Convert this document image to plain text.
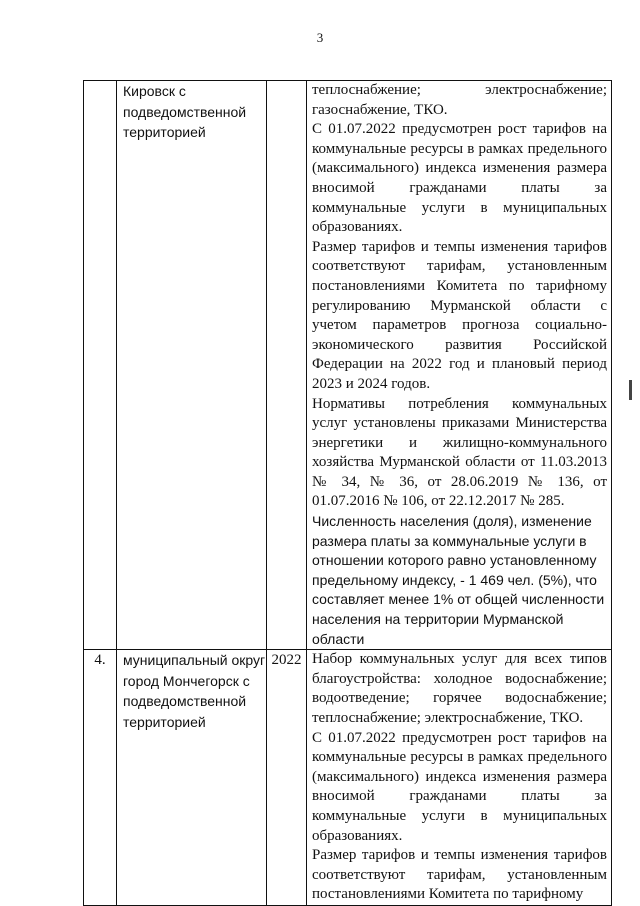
3
	Кировск с подведомственной территорией		теплоснабжение; электроснабжение; газоснабжение, ТКО.

С 01.07.2022 предусмотрен рост тарифов на коммунальные ресурсы в рамках предельного (максимального) индекса изменения размера вносимой гражданами платы за коммунальные услуги в муниципальных образованиях.

Размер тарифов и темпы изменения тарифов соответствуют тарифам, установленным постановлениями Комитета по тарифному регулированию Мурманской области с учетом параметров прогноза социально-экономического развития Российской Федерации на 2022 год и плановый период 2023 и 2024 годов.

Нормативы потребления коммунальных услуг установлены приказами Министерства энергетики и жилищно-коммунального хозяйства Мурманской области от 11.03.2013 № 34, № 36, от 28.06.2019 № 136, от 01.07.2016 № 106, от 22.12.2017 № 285.

Численность населения (доля), изменение размера платы за коммунальные услуги в отношении которого равно установленному предельному индексу, - 1 469 чел. (5%), что составляет менее 1% от общей численности населения на территории Мурманской области

4.	муниципальный округ город Мончегорск с подведомственной территорией	2022	Набор коммунальных услуг для всех типов благоустройства: холодное водоснабжение; водоотведение; горячее водоснабжение; теплоснабжение; электроснабжение, ТКО.

С 01.07.2022 предусмотрен рост тарифов на коммунальные ресурсы в рамках предельного (максимального) индекса изменения размера вносимой гражданами платы за коммунальные услуги в муниципальных образованиях.

Размер тарифов и темпы изменения тарифов соответствуют тарифам, установленным постановлениями Комитета по тарифному
